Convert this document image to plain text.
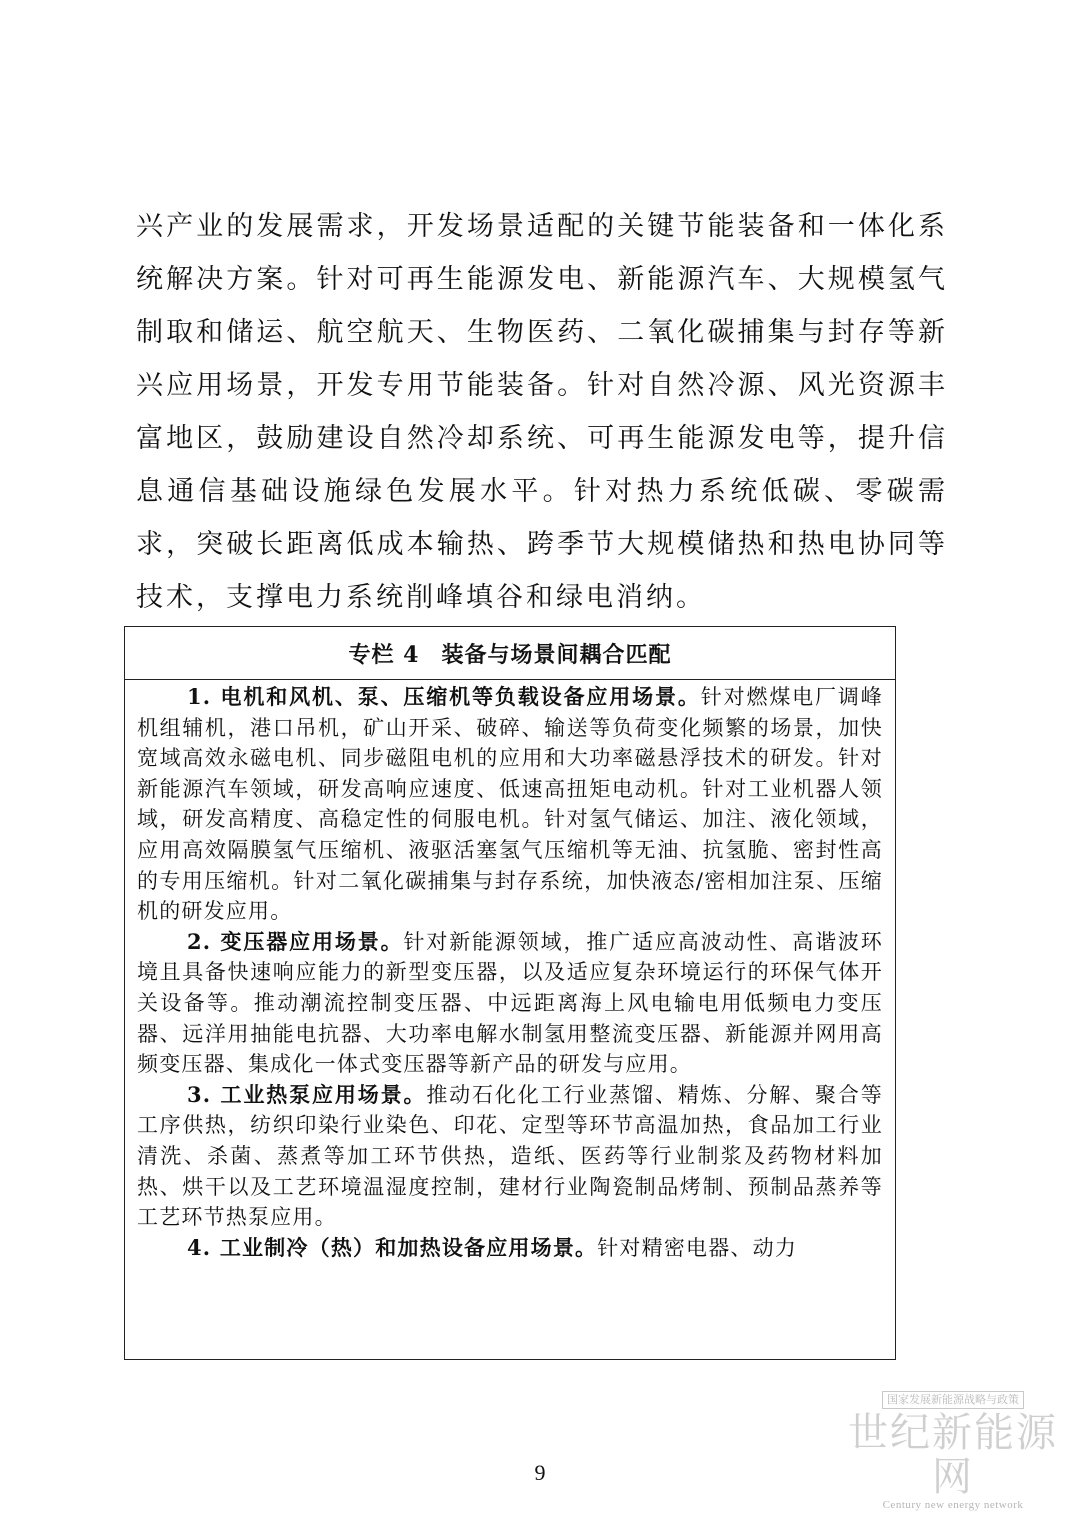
兴产业的发展需求，开发场景适配的关键节能装备和一体化系统解决方案。针对可再生能源发电、新能源汽车、大规模氢气制取和储运、航空航天、生物医药、二氧化碳捕集与封存等新兴应用场景，开发专用节能装备。针对自然冷源、风光资源丰富地区，鼓励建设自然冷却系统、可再生能源发电等，提升信息通信基础设施绿色发展水平。针对热力系统低碳、零碳需求，突破长距离低成本输热、跨季节大规模储热和热电协同等技术，支撑电力系统削峰填谷和绿电消纳。

专栏 4 装备与场景间耦合匹配

1. 电机和风机、泵、压缩机等负载设备应用场景。针对燃煤电厂调峰机组辅机，港口吊机，矿山开采、破碎、输送等负荷变化频繁的场景，加快宽域高效永磁电机、同步磁阻电机的应用和大功率磁悬浮技术的研发。针对新能源汽车领域，研发高响应速度、低速高扭矩电动机。针对工业机器人领域，研发高精度、高稳定性的伺服电机。针对氢气储运、加注、液化领域，应用高效隔膜氢气压缩机、液驱活塞氢气压缩机等无油、抗氢脆、密封性高的专用压缩机。针对二氧化碳捕集与封存系统，加快液态/密相加注泵、压缩机的研发应用。

2. 变压器应用场景。针对新能源领域，推广适应高波动性、高谐波环境且具备快速响应能力的新型变压器，以及适应复杂环境运行的环保气体开关设备等。推动潮流控制变压器、中远距离海上风电输电用低频电力变压器、远洋用抽能电抗器、大功率电解水制氢用整流变压器、新能源并网用高频变压器、集成化一体式变压器等新产品的研发与应用。

3. 工业热泵应用场景。推动石化化工行业蒸馏、精炼、分解、聚合等工序供热，纺织印染行业染色、印花、定型等环节高温加热，食品加工行业清洗、杀菌、蒸煮等加工环节供热，造纸、医药等行业制浆及药物材料加热、烘干以及工艺环境温湿度控制，建材行业陶瓷制品烤制、预制品蒸养等工艺环节热泵应用。

4. 工业制冷（热）和加热设备应用场景。针对精密电器、动力

9
国家发展新能源战略与政策
世纪新能源网
Century new energy network
